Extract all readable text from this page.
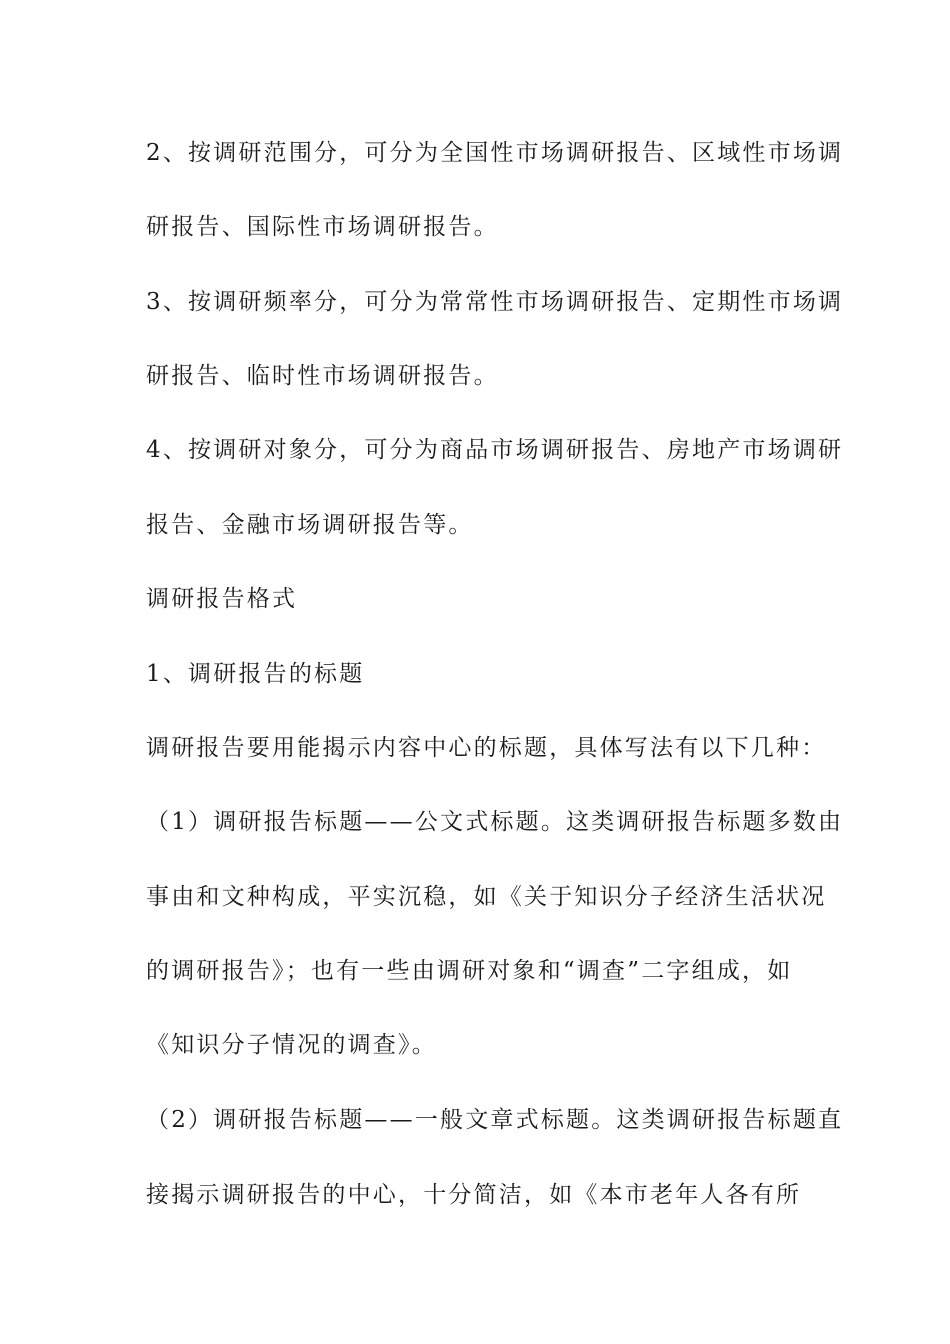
2、按调研范围分，可分为全国性市场调研报告、区域性市场调
研报告、国际性市场调研报告。
3、按调研频率分，可分为常常性市场调研报告、定期性市场调
研报告、临时性市场调研报告。
4、按调研对象分，可分为商品市场调研报告、房地产市场调研
报告、金融市场调研报告等。
调研报告格式
1、调研报告的标题
调研报告要用能揭示内容中心的标题，具体写法有以下几种：
（1）调研报告标题——公文式标题。这类调研报告标题多数由
事由和文种构成，平实沉稳，如《关于知识分子经济生活状况
的调研报告》；也有一些由调研对象和“调查”二字组成，如
《知识分子情况的调查》。
（2）调研报告标题——一般文章式标题。这类调研报告标题直
接揭示调研报告的中心，十分简洁，如《本市老年人各有所
